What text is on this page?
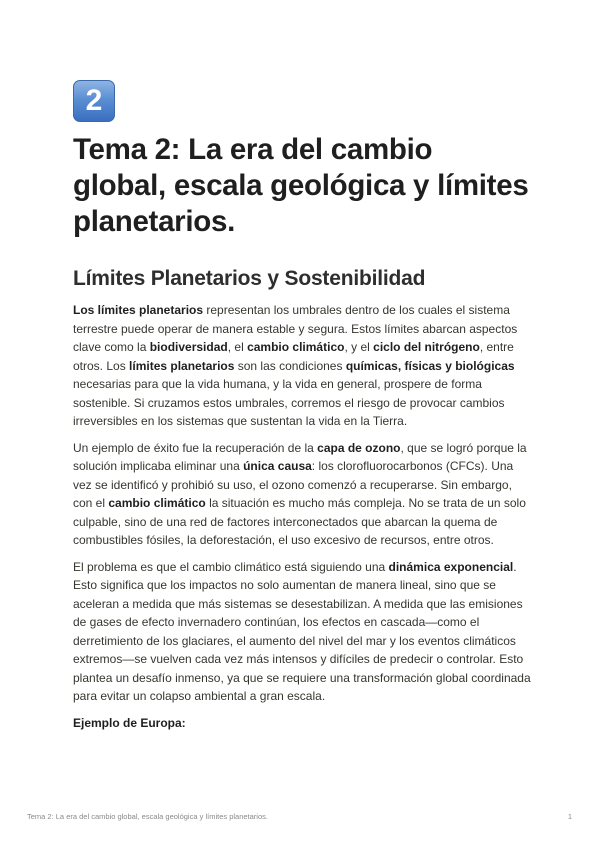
2
Tema 2: La era del cambio global, escala geológica y límites planetarios.
Límites Planetarios y Sostenibilidad

Los límites planetarios representan los umbrales dentro de los cuales el sistema terrestre puede operar de manera estable y segura. Estos límites abarcan aspectos clave como la biodiversidad, el cambio climático, y el ciclo del nitrógeno, entre otros. Los límites planetarios son las condiciones químicas, físicas y biológicas necesarias para que la vida humana, y la vida en general, prospere de forma sostenible. Si cruzamos estos umbrales, corremos el riesgo de provocar cambios irreversibles en los sistemas que sustentan la vida en la Tierra.

Un ejemplo de éxito fue la recuperación de la capa de ozono, que se logró porque la solución implicaba eliminar una única causa: los clorofluorocarbonos (CFCs). Una vez se identificó y prohibió su uso, el ozono comenzó a recuperarse. Sin embargo, con el cambio climático la situación es mucho más compleja. No se trata de un solo culpable, sino de una red de factores interconectados que abarcan la quema de combustibles fósiles, la deforestación, el uso excesivo de recursos, entre otros.

El problema es que el cambio climático está siguiendo una dinámica exponencial. Esto significa que los impactos no solo aumentan de manera lineal, sino que se aceleran a medida que más sistemas se desestabilizan. A medida que las emisiones de gases de efecto invernadero continúan, los efectos en cascada—como el derretimiento de los glaciares, el aumento del nivel del mar y los eventos climáticos extremos—se vuelven cada vez más intensos y difíciles de predecir o controlar. Esto plantea un desafío inmenso, ya que se requiere una transformación global coordinada para evitar un colapso ambiental a gran escala.

Ejemplo de Europa:

Tema 2: La era del cambio global, escala geológica y límites planetarios.	1
